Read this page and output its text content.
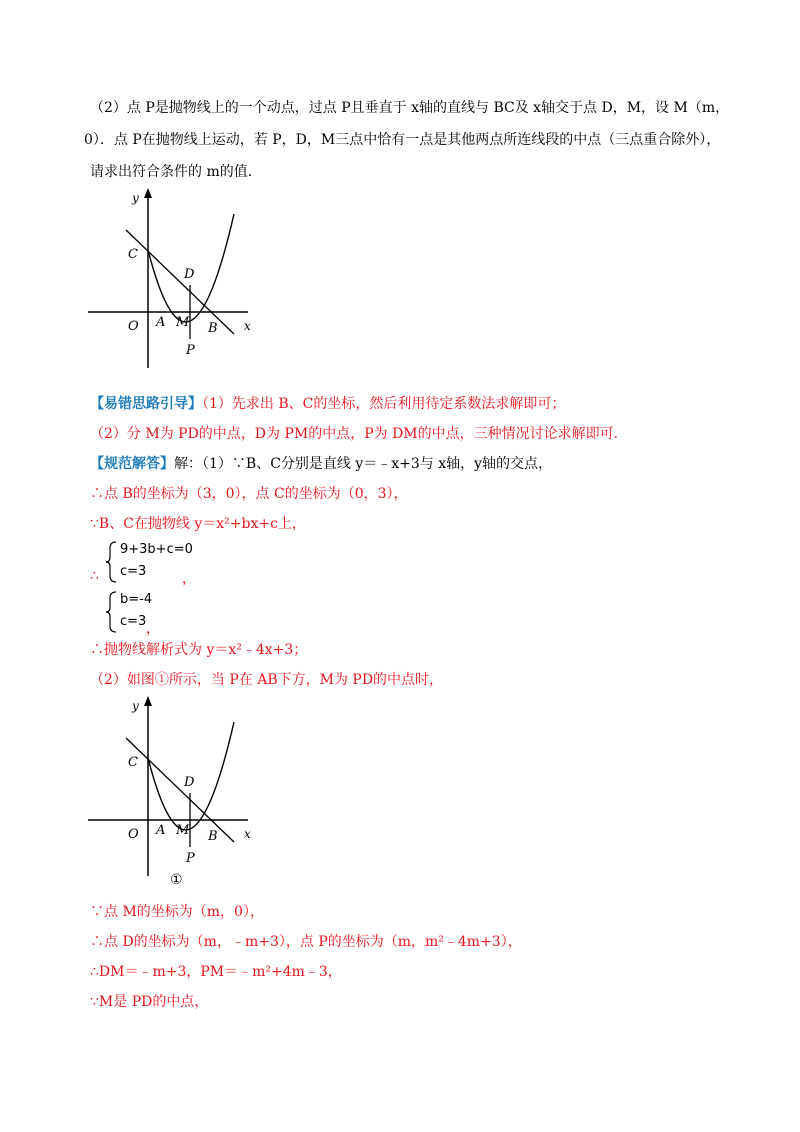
（2）点 P是抛物线上的一个动点，过点 P且垂直于 x轴的直线与 BC及 x轴交于点 D，M，设 M（m，
0）．点 P在抛物线上运动，若 P，D，M三点中恰有一点是其他两点所连线段的中点（三点重合除外），
请求出符合条件的 m的值．
y
x
C
D
O A M B
P
【易错思路引导】（1）先求出 B、C的坐标，然后利用待定系数法求解即可；
（2）分 M为 PD的中点，D为 PM的中点，P为 DM的中点，三种情况讨论求解即可．
【规范解答】解：（1）∵B、C分别是直线 y＝﹣x+3与 x轴，y轴的交点，
∴点 B的坐标为（3，0），点 C的坐标为（0，3），
∵B、C在抛物线 y＝x²+bx+c上，
∴
9+3b+c=0
c=3	，
b=-4
c=3 ，
∴抛物线解析式为 y＝x²﹣4x+3；
（2）如图①所示，当 P在 AB下方，M为 PD的中点时，
y
x
C
D
O A M B
P
①
∵点 M的坐标为（m，0），
∴点 D的坐标为（m，﹣m+3），点 P的坐标为（m，m²﹣4m+3），
∴DM＝﹣m+3，PM＝﹣m²+4m﹣3，
∵M是 PD的中点，
